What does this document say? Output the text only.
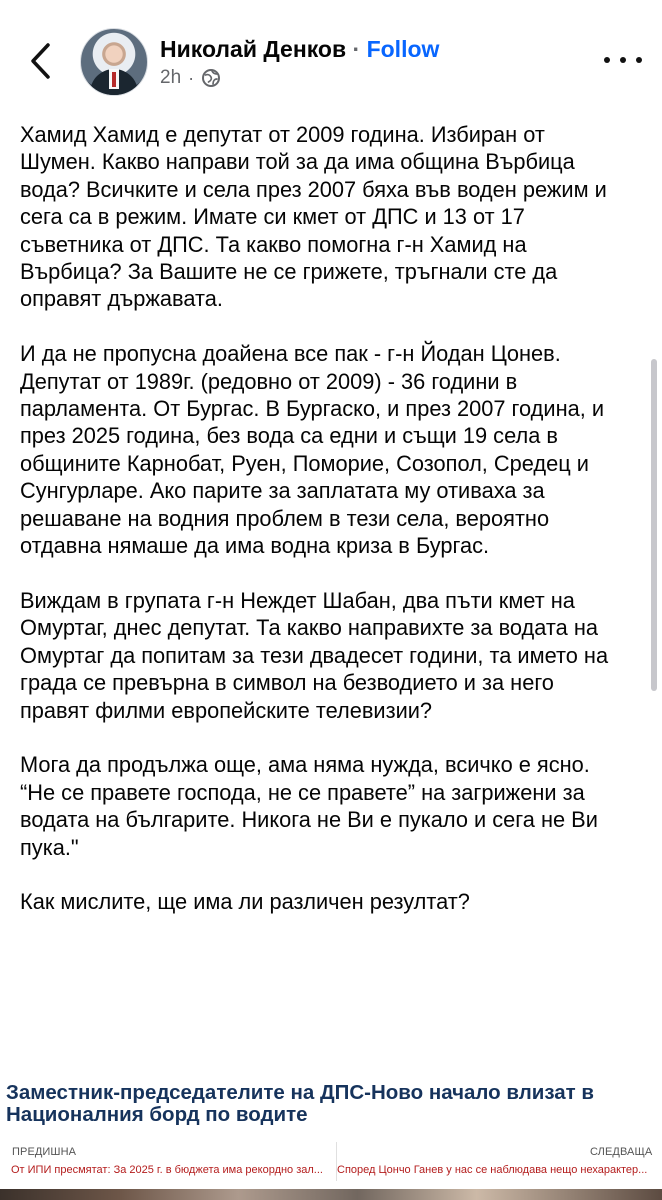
Николай Денков · Follow
2h ·

Хамид Хамид е депутат от 2009 година. Избиран от Шумен. Какво направи той за да има община Върбица вода? Всичките и села през 2007 бяха във воден режим и сега са в режим. Имате си кмет от ДПС и 13 от 17 съветника от ДПС. Та какво помогна г-н Хамид на Върбица? За Вашите не се грижете, тръгнали сте да оправят държавата.

И да не пропусна доайена все пак - г-н Йодан Цонев. Депутат от 1989г. (редовно от 2009) - 36 години в парламента. От Бургас. В Бургаско, и през 2007 година, и през 2025 година, без вода са едни и същи 19 села в общините Карнобат, Руен, Поморие, Созопол, Средец и Сунгурларе. Ако парите за заплатата му отиваха за решаване на водния проблем в тези села, вероятно отдавна нямаше да има водна криза в Бургас.

Виждам в групата г-н Неждет Шабан, два пъти кмет на Омуртаг, днес депутат. Та какво направихте за водата на Омуртаг да попитам за тези двадесет години, та името на града се превърна в символ на безводието и за него правят филми европейските телевизии?

Мога да продължа още, ама няма нужда, всичко е ясно.
“Не се правете господа, не се правете” на загрижени за водата на българите. Никога не Ви е пукало и сега не Ви пука."

Как мислите, ще има ли различен резултат?

Заместник-председателите на ДПС-Ново начало влизат в Националния борд по водите
ПРЕДИШНА	СЛЕДВАЩА
От ИПИ пресмятат: За 2025 г. в бюджета има рекордно зал...	Според Цончо Ганев у нас се наблюдава нещо нехарактер...
